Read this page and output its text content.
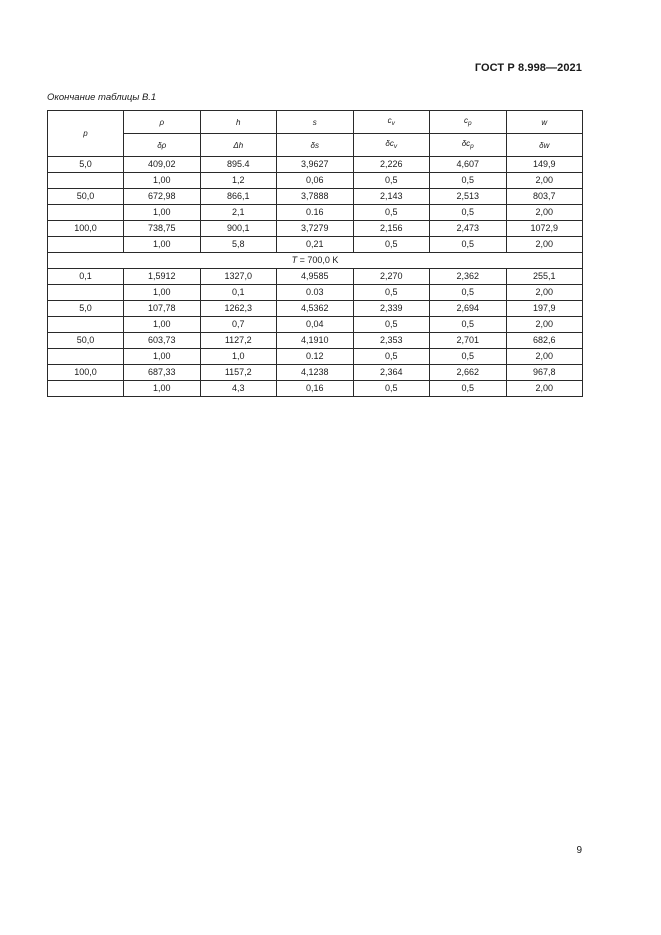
ГОСТ Р 8.998—2021
Окончание таблицы В.1
p	ρ	h	s	$c_v$	$c_p$	w
	δρ	Δh	δs	$\delta c_v$	$\delta c_p$	δw
5,0	409,02	895.4	3,9627	2,226	4,607	149,9
	1,00	1,2	0,06	0,5	0,5	2,00
50,0	672,98	866,1	3,7888	2,143	2,513	803,7
	1,00	2,1	0.16	0,5	0,5	2,00
100,0	738,75	900,1	3,7279	2,156	2,473	1072,9
	1,00	5,8	0,21	0,5	0,5	2,00
T = 700,0 K						
0,1	1,5912	1327,0	4,9585	2,270	2,362	255,1
	1,00	0,1	0.03	0,5	0,5	2,00
5,0	107,78	1262,3	4,5362	2,339	2,694	197,9
	1,00	0,7	0,04	0,5	0,5	2,00
50,0	603,73	1127,2	4,1910	2,353	2,701	682,6
	1,00	1,0	0.12	0,5	0,5	2,00
100,0	687,33	1157,2	4,1238	2,364	2,662	967,8
	1,00	4,3	0,16	0,5	0,5	2,00
9
